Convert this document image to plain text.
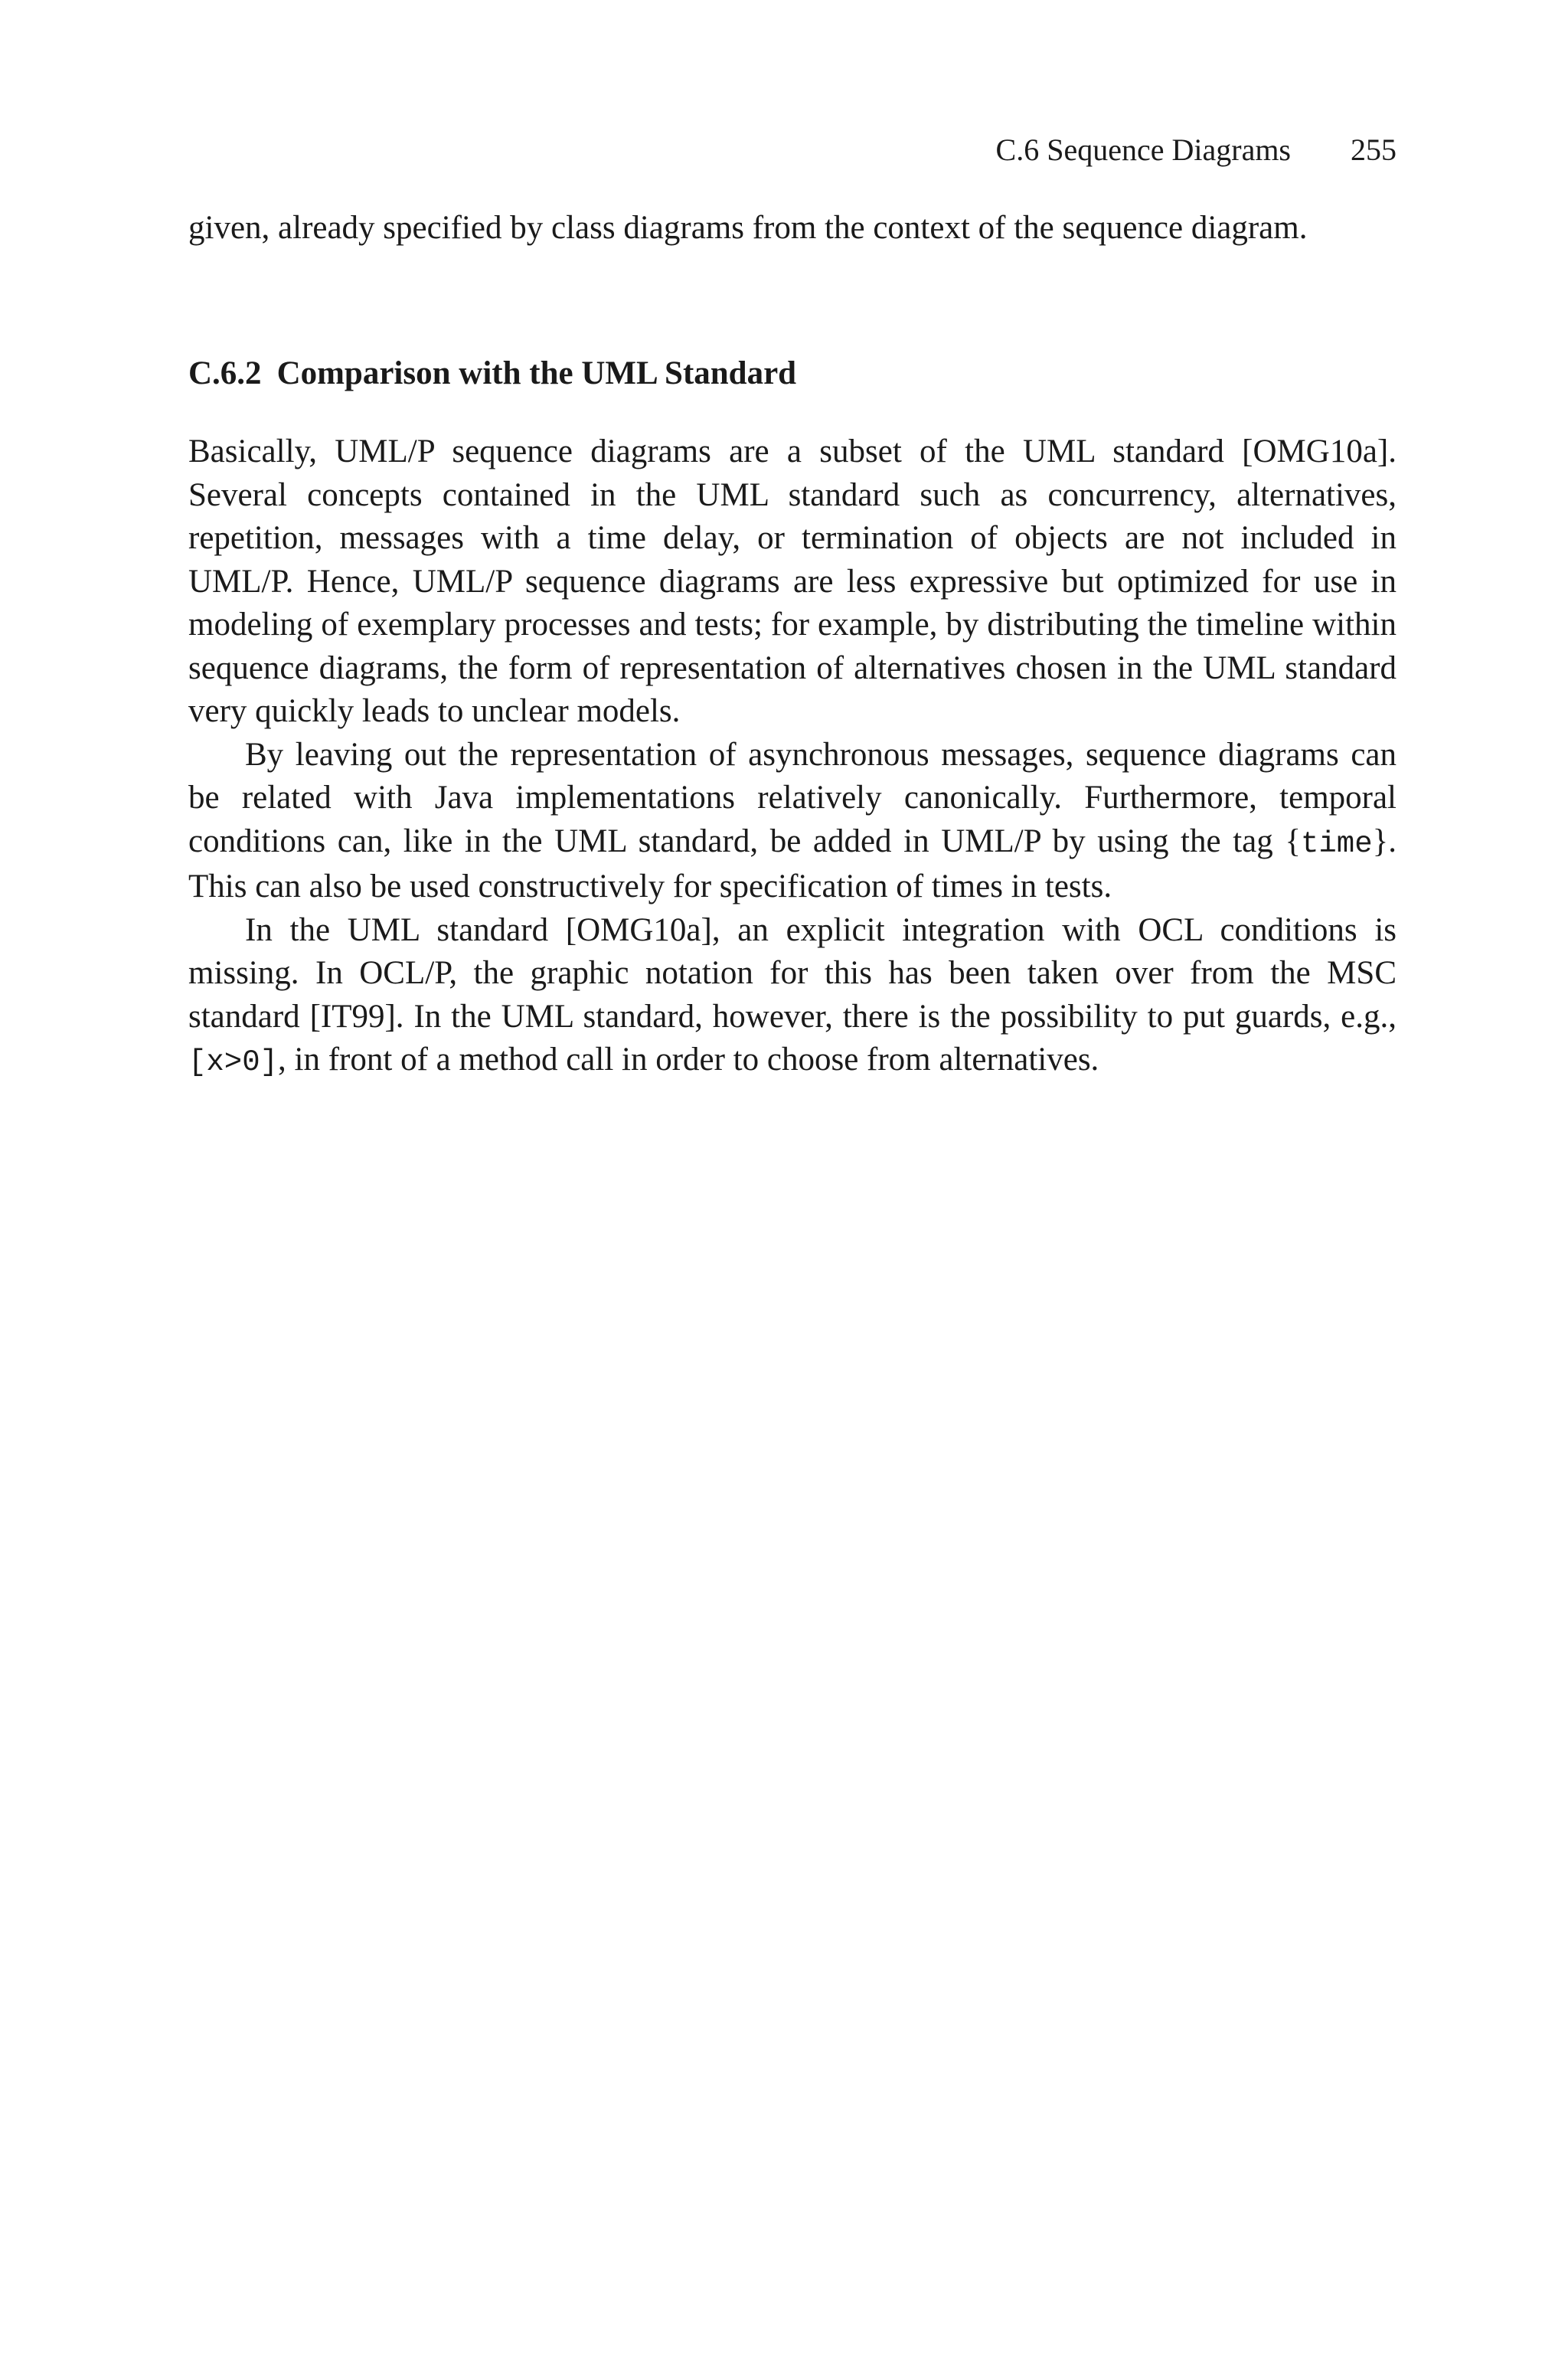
C.6 Sequence Diagrams 255
given, already specified by class diagrams from the context of the sequence diagram.
C.6.2 Comparison with the UML Standard

Basically, UML/P sequence diagrams are a subset of the UML standard [OMG10a]. Several concepts contained in the UML standard such as concurrency, alternatives, repetition, messages with a time delay, or termination of objects are not included in UML/P. Hence, UML/P sequence diagrams are less expressive but optimized for use in modeling of exemplary processes and tests; for example, by distributing the timeline within sequence diagrams, the form of representation of alternatives chosen in the UML standard very quickly leads to unclear models.

By leaving out the representation of asynchronous messages, sequence diagrams can be related with Java implementations relatively canonically. Furthermore, temporal conditions can, like in the UML standard, be added in UML/P by using the tag {time}. This can also be used constructively for specification of times in tests.

In the UML standard [OMG10a], an explicit integration with OCL conditions is missing. In OCL/P, the graphic notation for this has been taken over from the MSC standard [IT99]. In the UML standard, however, there is the possibility to put guards, e.g., [x>0], in front of a method call in order to choose from alternatives.
